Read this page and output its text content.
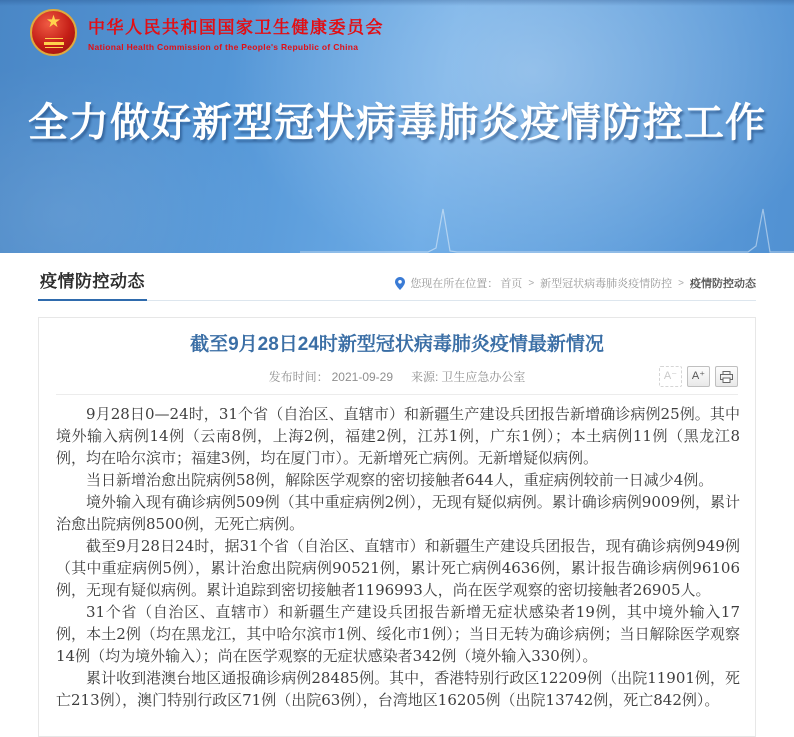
★ 中华人民共和国国家卫生健康委员会
National Health Commission of the People's Republic of China
全力做好新型冠状病毒肺炎疫情防控工作
疫情防控动态	您现在所在位置： 首页 > 新型冠状病毒肺炎疫情防控 > 疫情防控动态
截至9月28日24时新型冠状病毒肺炎疫情最新情况
发布时间： 2021-09-29 来源: 卫生应急办公室	A⁻	A⁺

9月28日0—24时，31个省（自治区、直辖市）和新疆生产建设兵团报告新增确诊病例25例。其中境外输入病例14例（云南8例，上海2例，福建2例，江苏1例，广东1例）；本土病例11例（黑龙江8例，均在哈尔滨市；福建3例，均在厦门市）。无新增死亡病例。无新增疑似病例。

当日新增治愈出院病例58例，解除医学观察的密切接触者644人，重症病例较前一日减少4例。

境外输入现有确诊病例509例（其中重症病例2例），无现有疑似病例。累计确诊病例9009例，累计治愈出院病例8500例，无死亡病例。

截至9月28日24时，据31个省（自治区、直辖市）和新疆生产建设兵团报告，现有确诊病例949例（其中重症病例5例），累计治愈出院病例90521例，累计死亡病例4636例，累计报告确诊病例96106例，无现有疑似病例。累计追踪到密切接触者1196993人，尚在医学观察的密切接触者26905人。

31个省（自治区、直辖市）和新疆生产建设兵团报告新增无症状感染者19例，其中境外输入17例，本土2例（均在黑龙江，其中哈尔滨市1例、绥化市1例）；当日无转为确诊病例；当日解除医学观察14例（均为境外输入）；尚在医学观察的无症状感染者342例（境外输入330例）。

累计收到港澳台地区通报确诊病例28485例。其中，香港特别行政区12209例（出院11901例，死亡213例），澳门特别行政区71例（出院63例），台湾地区16205例（出院13742例，死亡842例）。
